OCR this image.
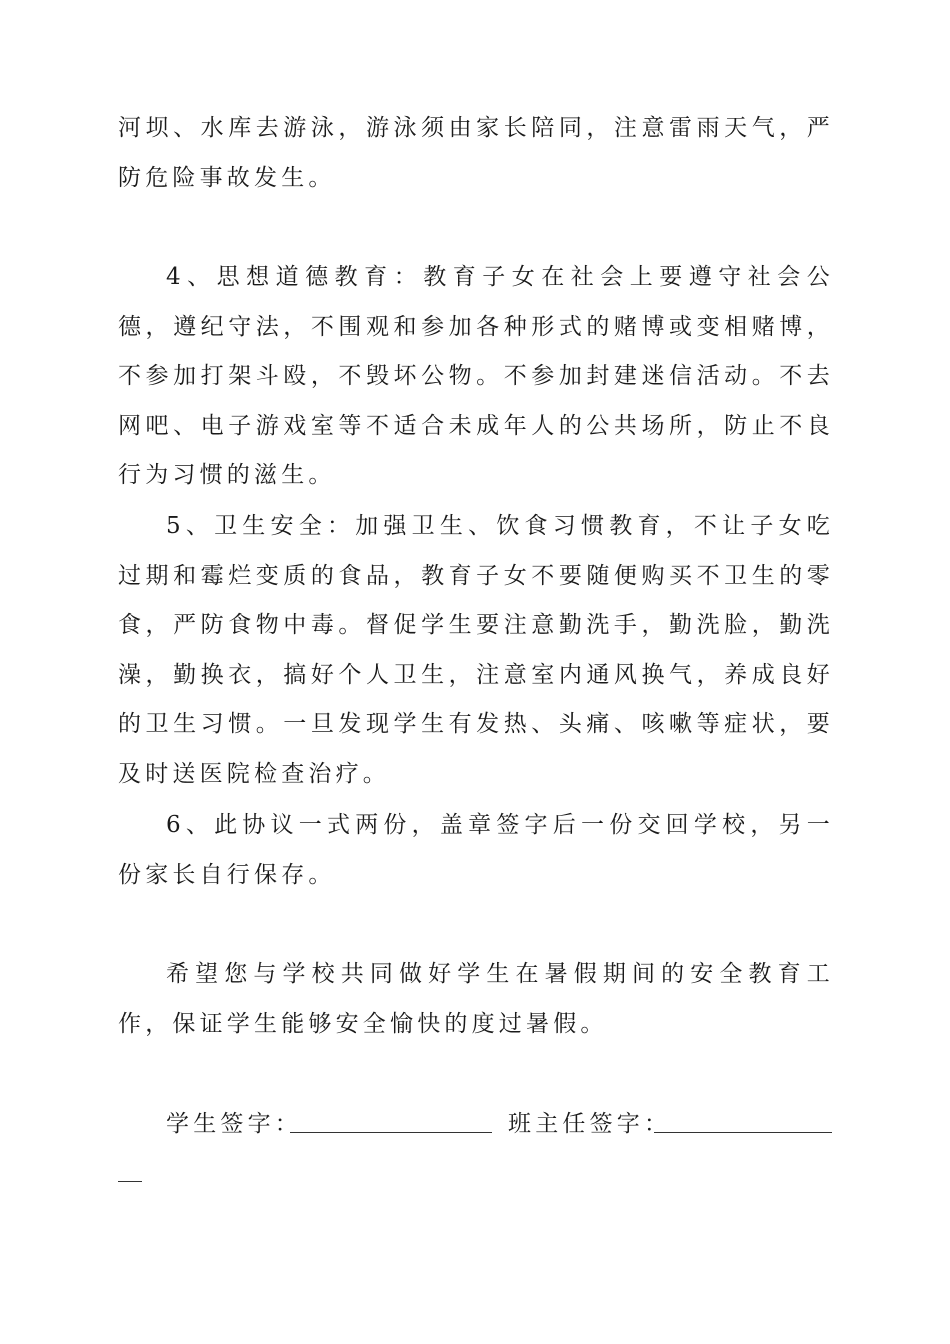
河坝、水库去游泳，游泳须由家长陪同，注意雷雨天气，严防危险事故发生。

4、思想道德教育：教育子女在社会上要遵守社会公德，遵纪守法，不围观和参加各种形式的赌博或变相赌博，不参加打架斗殴，不毁坏公物。不参加封建迷信活动。不去网吧、电子游戏室等不适合未成年人的公共场所，防止不良行为习惯的滋生。

5、卫生安全：加强卫生、饮食习惯教育，不让子女吃过期和霉烂变质的食品，教育子女不要随便购买不卫生的零食，严防食物中毒。督促学生要注意勤洗手，勤洗脸，勤洗澡，勤换衣，搞好个人卫生，注意室内通风换气，养成良好的卫生习惯。一旦发现学生有发热、头痛、咳嗽等症状，要及时送医院检查治疗。

6、此协议一式两份，盖章签字后一份交回学校，另一份家长自行保存。

希望您与学校共同做好学生在暑假期间的安全教育工作，保证学生能够安全愉快的度过暑假。

学生签字：	班主任签字：
